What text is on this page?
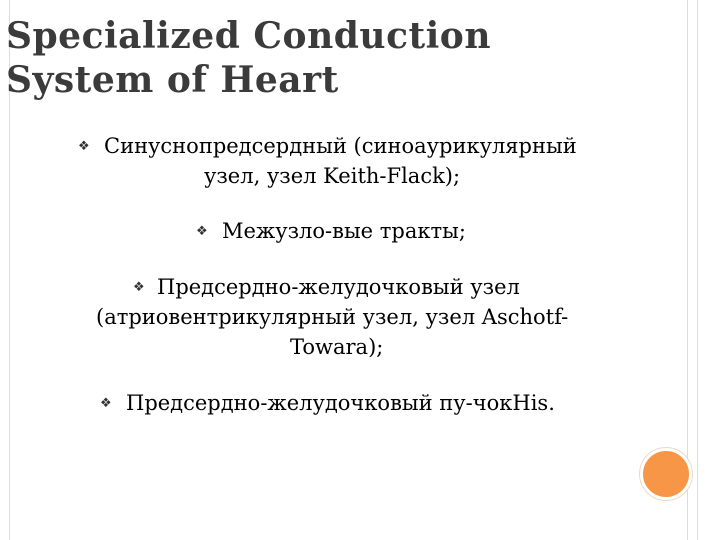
Specialized Conduction
System of Heart
❖ Синуснопредсердный (синоаурикулярный
узел, узел Keith-Flack);
❖ Межузло-вые тракты;
❖ Предсердно-желудочковый узел
(атриовентрикулярный узел, узел Aschotf-
Towara);
❖ Предсердно-желудочковый пу-чокHis.
